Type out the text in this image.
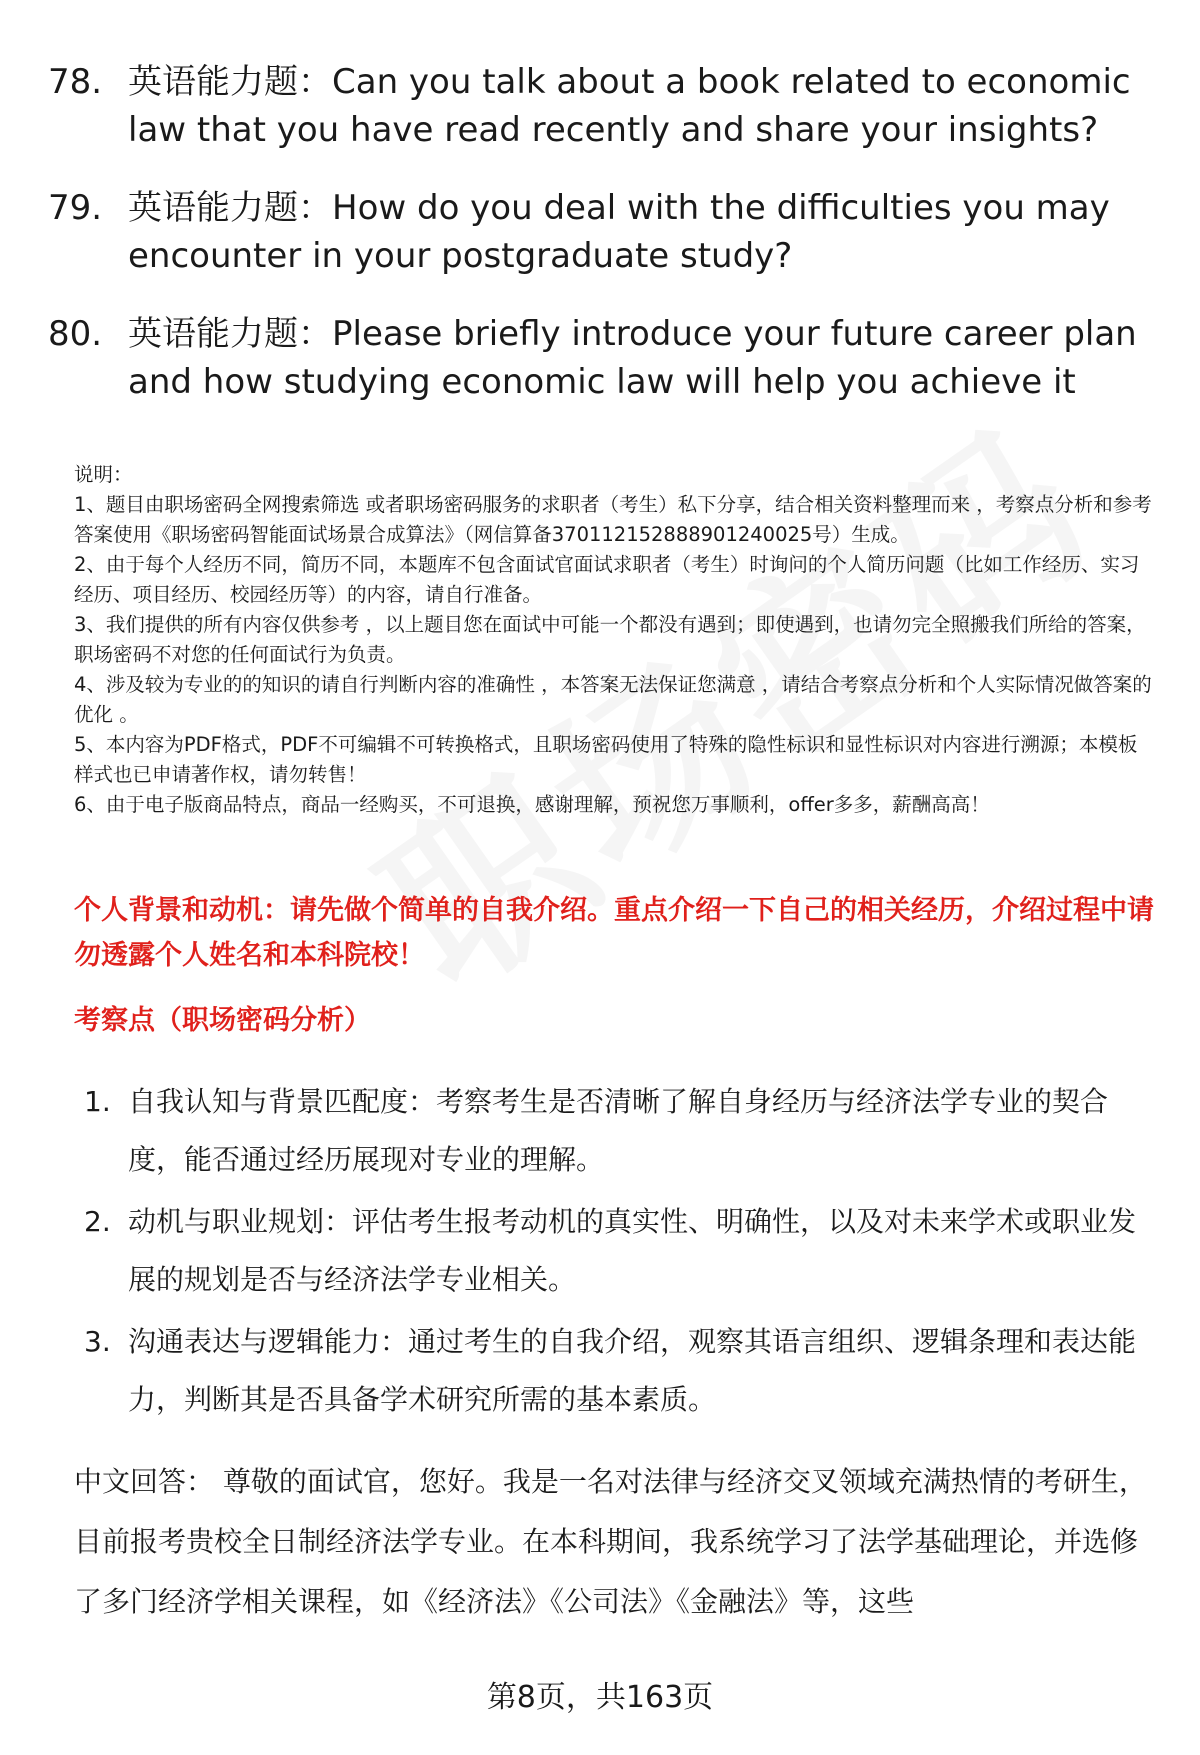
78. 英语能力题：Can you talk about a book related to economic law that you have read recently and share your insights?
79. 英语能力题：How do you deal with the difficulties you may encounter in your postgraduate study?
80. 英语能力题：Please briefly introduce your future career plan and how studying economic law will help you achieve it

说明：

1、题目由职场密码全网搜索筛选 或者职场密码服务的求职者（考生）私下分享，结合相关资料整理而来 ，考察点分析和参考答案使用《职场密码智能面试场景合成算法》（网信算备370112152888901240025号）生成。

2、由于每个人经历不同，简历不同，本题库不包含面试官面试求职者（考生）时询问的个人简历问题（比如工作经历、实习经历、项目经历、校园经历等）的内容，请自行准备。

3、我们提供的所有内容仅供参考 ，以上题目您在面试中可能一个都没有遇到；即使遇到，也请勿完全照搬我们所给的答案，职场密码不对您的任何面试行为负责。

4、涉及较为专业的的知识的请自行判断内容的准确性 ，本答案无法保证您满意 ，请结合考察点分析和个人实际情况做答案的优化 。

5、本内容为PDF格式，PDF不可编辑不可转换格式，且职场密码使用了特殊的隐性标识和显性标识对内容进行溯源；本模板样式也已申请著作权，请勿转售！

6、由于电子版商品特点，商品一经购买，不可退换，感谢理解，预祝您万事顺利，offer多多，薪酬高高！

个人背景和动机：请先做个简单的自我介绍。重点介绍一下自己的相关经历，介绍过程中请勿透露个人姓名和本科院校！
考察点（职场密码分析）
1. 自我认知与背景匹配度：考察考生是否清晰了解自身经历与经济法学专业的契合度，能否通过经历展现对专业的理解。
2. 动机与职业规划：评估考生报考动机的真实性、明确性，以及对未来学术或职业发展的规划是否与经济法学专业相关。
3. 沟通表达与逻辑能力：通过考生的自我介绍，观察其语言组织、逻辑条理和表达能力，判断其是否具备学术研究所需的基本素质。
中文回答： 尊敬的面试官，您好。我是一名对法律与经济交叉领域充满热情的考研生，目前报考贵校全日制经济法学专业。在本科期间，我系统学习了法学基础理论，并选修了多门经济学相关课程，如《经济法》《公司法》《金融法》等，这些
第8页，共163页
